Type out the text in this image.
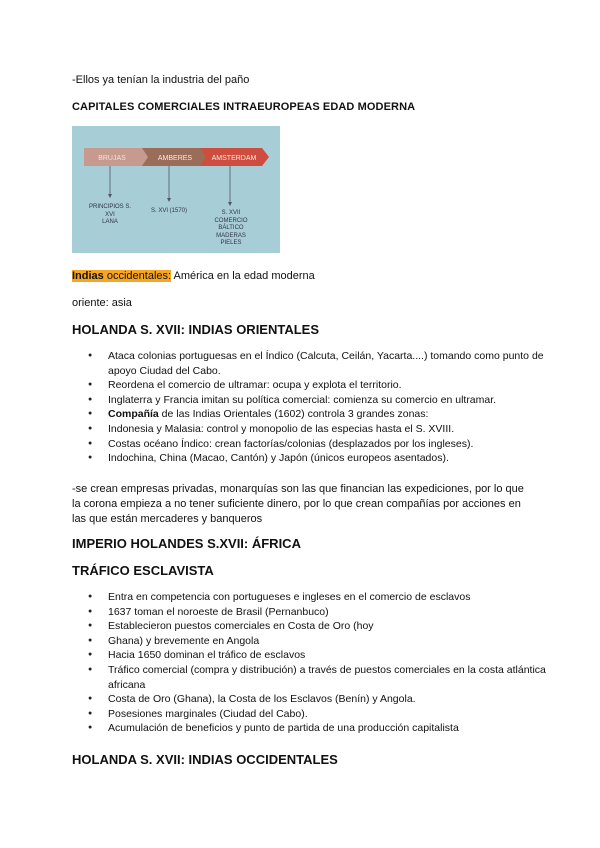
-Ellos ya tenían la industria del paño
CAPITALES COMERCIALES INTRAEUROPEAS EDAD MODERNA
BRUJAS	AMBERES	AMSTERDAM
PRINCIPIOS S.
XVI
LANA
S. XVI (1570)	S. XVII
COMERCIO
BÁLTICO
MADERAS
PIELES
Indias occidentales: América en la edad moderna
oriente: asia
HOLANDA S. XVII: INDIAS ORIENTALES
● Ataca colonias portuguesas en el Índico (Calcuta, Ceilán, Yacarta....) tomando como punto de apoyo Ciudad del Cabo.
● Reordena el comercio de ultramar: ocupa y explota el territorio.
● Inglaterra y Francia imitan su política comercial: comienza su comercio en ultramar.
● Compañía de las Indias Orientales (1602) controla 3 grandes zonas:
● Indonesia y Malasia: control y monopolio de las especias hasta el S. XVIII.
● Costas océano Índico: crean factorías/colonias (desplazados por los ingleses).
● Indochina, China (Macao, Cantón) y Japón (únicos europeos asentados).
-se crean empresas privadas, monarquías son las que financian las expediciones, por lo que la corona empieza a no tener suficiente dinero, por lo que crean compañías por acciones en las que están mercaderes y banqueros
IMPERIO HOLANDES S.XVII: ÁFRICA
TRÁFICO ESCLAVISTA
● Entra en competencia con portugueses e ingleses en el comercio de esclavos
● 1637 toman el noroeste de Brasil (Pernanbuco)
● Establecieron puestos comerciales en Costa de Oro (hoy
● Ghana) y brevemente en Angola
● Hacia 1650 dominan el tráfico de esclavos
● Tráfico comercial (compra y distribución) a través de puestos comerciales en la costa atlántica africana
● Costa de Oro (Ghana), la Costa de los Esclavos (Benín) y Angola.
● Posesiones marginales (Ciudad del Cabo).
● Acumulación de beneficios y punto de partida de una producción capitalista
HOLANDA S. XVII: INDIAS OCCIDENTALES
